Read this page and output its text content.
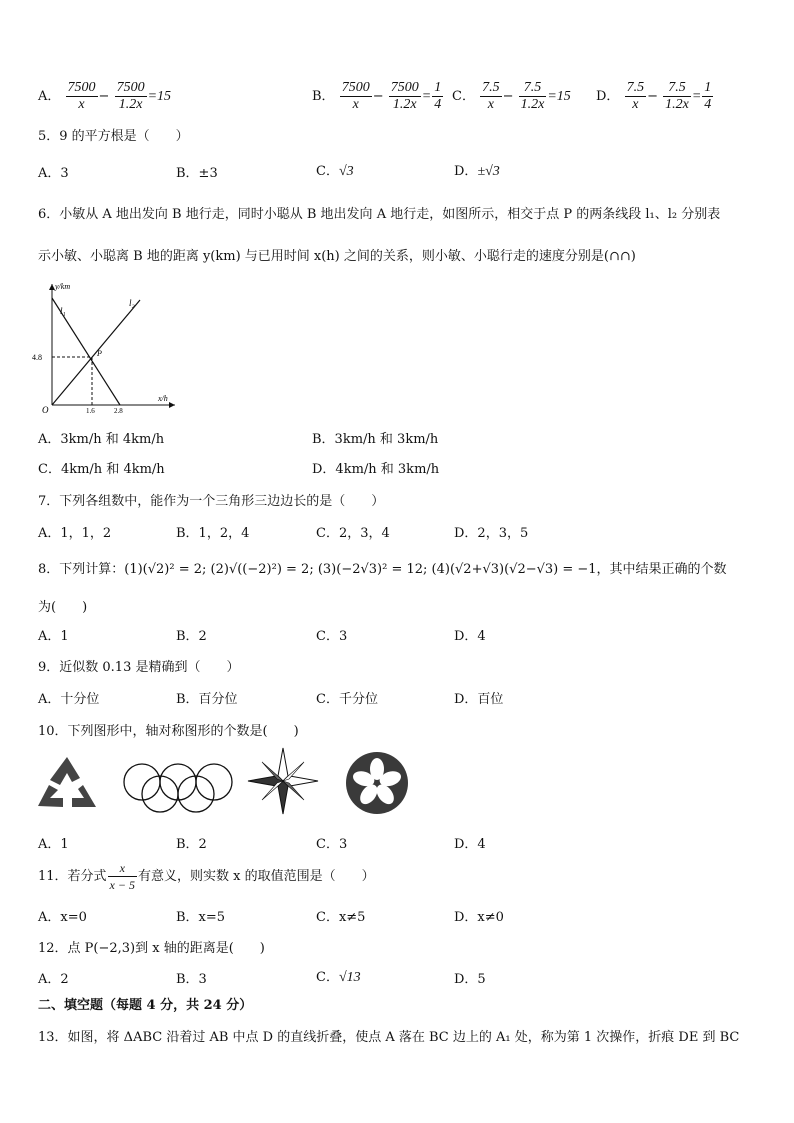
A． $\frac{7500}{x} - \frac{7500}{1.2x} =15$	B． $\frac{7500}{x} - \frac{7500}{1.2x} = \frac{1}{4}$ C． $\frac{7.5}{x} - \frac{7.5}{1.2x} =15$ D． $\frac{7.5}{x} - \frac{7.5}{1.2x} = \frac{1}{4}$
5．9 的平方根是（　　）
A．3	B．±3	C．√3	D．±√3
6．小敏从 A 地出发向 B 地行走，同时小聪从 B 地出发向 A 地行走，如图所示，相交于点 P 的两条线段 l₁、l₂ 分别表
示小敏、小聪离 B 地的距离 y(km) 与已用时间 x(h) 之间的关系，则小敏、小聪行走的速度分别是(∩∩)
y/km
x/h
O
l₁
l₂
P
4.8
1.6	2.8
A．3km/h 和 4km/h	B．3km/h 和 3km/h
C．4km/h 和 4km/h	D．4km/h 和 3km/h
7．下列各组数中，能作为一个三角形三边边长的是（　　）
A．1，1，2	B．1，2，4	C．2，3，4	D．2，3，5
8．下列计算：(1)(√2)² = 2; (2)√((−2)²) = 2; (3)(−2√3)² = 12; (4)(√2+√3)(√2−√3) = −1，其中结果正确的个数
为(　　)
A．1	B．2	C．3	D．4
9．近似数 0.13 是精确到（　　）
A．十分位	B．百分位	C．千分位	D．百位
10．下列图形中，轴对称图形的个数是(　　)
A．1	B．2	C．3	D．4
11．若分式 $\frac{x}{x - 5}$ 有意义，则实数 x 的取值范围是（　　）
A．x=0	B．x=5	C．x≠5	D．x≠0
12．点 P(−2,3)到 x 轴的距离是(　　)
A．2	B．3	C．√13	D．5
二、填空题（每题 4 分，共 24 分）
13．如图，将 ΔABC 沿着过 AB 中点 D 的直线折叠，使点 A 落在 BC 边上的 A₁ 处，称为第 1 次操作，折痕 DE 到 BC
